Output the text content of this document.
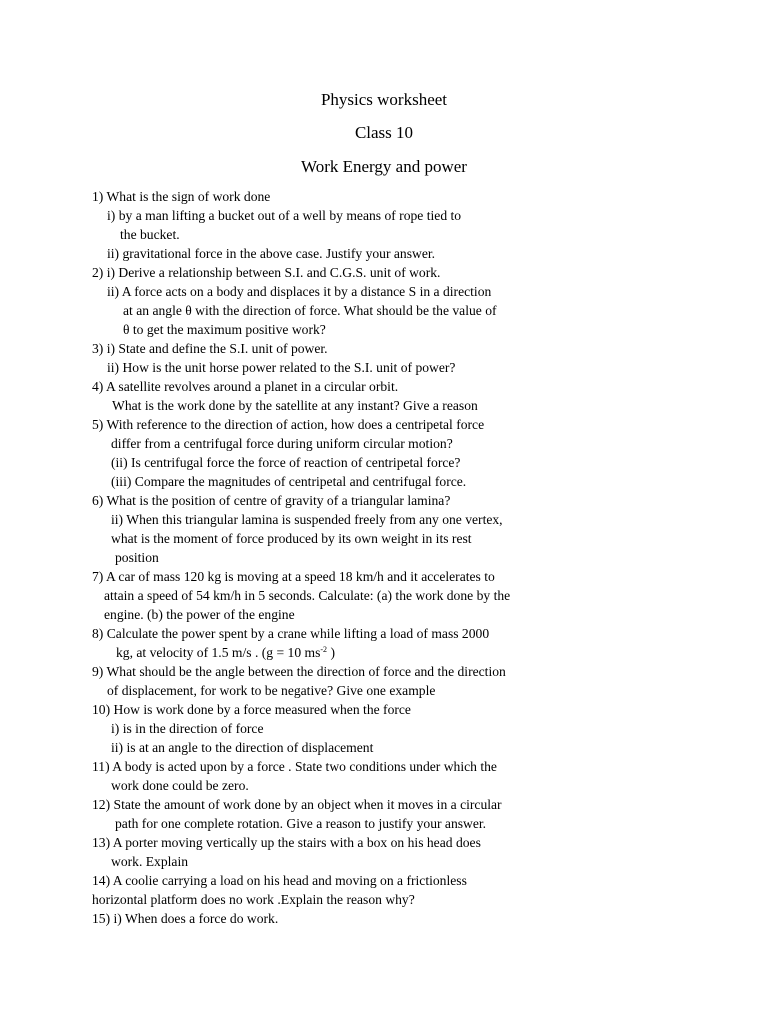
Physics worksheet
Class 10
Work Energy and power
1) What is the sign of work done
i) by a man lifting a bucket out of a well by means of rope tied to
the bucket.
ii) gravitational force in the above case. Justify your answer.
2) i) Derive a relationship between S.I. and C.G.S. unit of work.
ii) A force acts on a body and displaces it by a distance S in a direction
at an angle θ with the direction of force. What should be the value of
θ to get the maximum positive work?
3) i) State and define the S.I. unit of power.
ii) How is the unit horse power related to the S.I. unit of power?
4) A satellite revolves around a planet in a circular orbit.
What is the work done by the satellite at any instant? Give a reason
5) With reference to the direction of action, how does a centripetal force
differ from a centrifugal force during uniform circular motion?
(ii) Is centrifugal force the force of reaction of centripetal force?
(iii) Compare the magnitudes of centripetal and centrifugal force.
6) What is the position of centre of gravity of a triangular lamina?
ii) When this triangular lamina is suspended freely from any one vertex,
what is the moment of force produced by its own weight in its rest
position
7) A car of mass 120 kg is moving at a speed 18 km/h and it accelerates to
attain a speed of 54 km/h in 5 seconds. Calculate: (a) the work done by the
engine. (b) the power of the engine
8) Calculate the power spent by a crane while lifting a load of mass 2000
kg, at velocity of 1.5 m/s . (g = 10 $ms^{-2}$ )
9) What should be the angle between the direction of force and the direction
of displacement, for work to be negative? Give one example
10) How is work done by a force measured when the force
i) is in the direction of force
ii) is at an angle to the direction of displacement
11) A body is acted upon by a force . State two conditions under which the
work done could be zero.
12) State the amount of work done by an object when it moves in a circular
path for one complete rotation. Give a reason to justify your answer.
13) A porter moving vertically up the stairs with a box on his head does
work. Explain
14) A coolie carrying a load on his head and moving on a frictionless
horizontal platform does no work .Explain the reason why?
15) i) When does a force do work.
